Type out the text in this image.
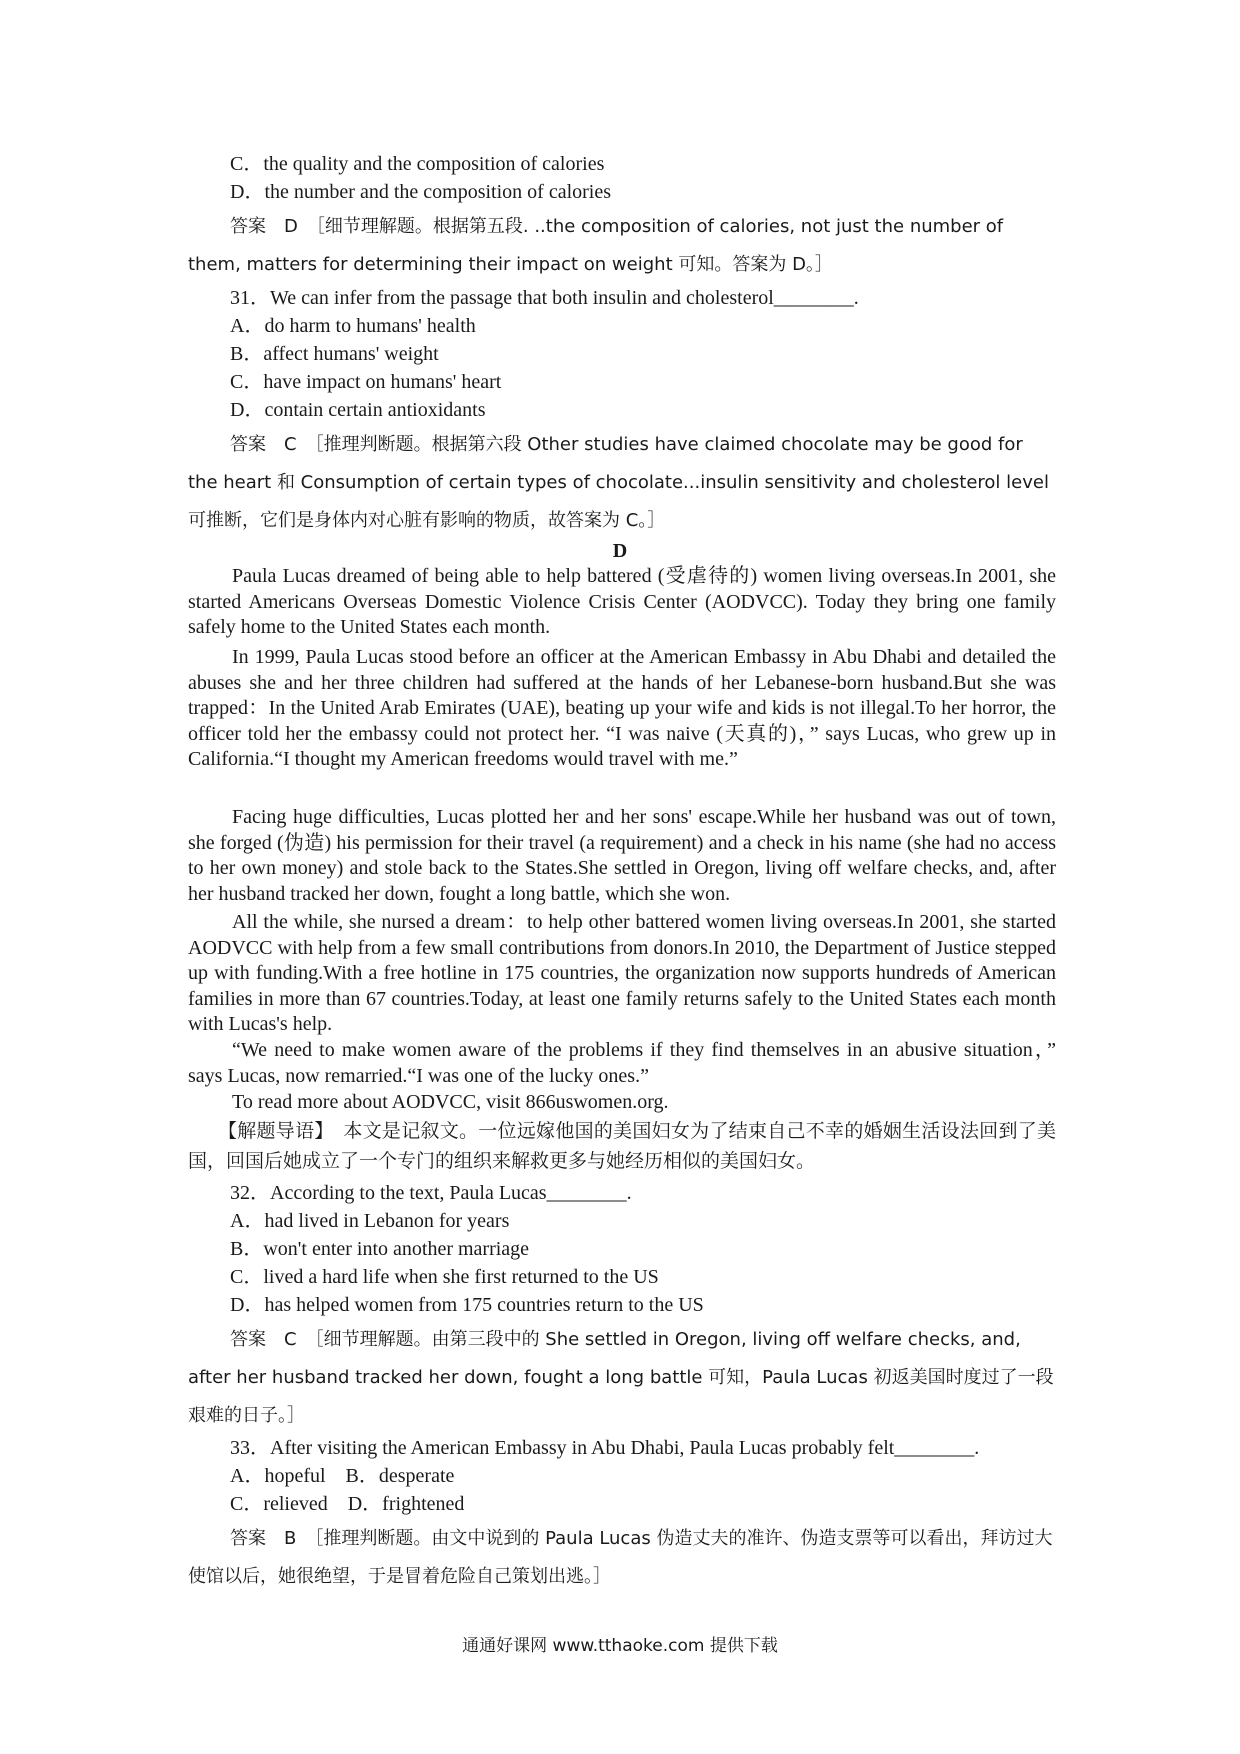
C．the quality and the composition of calories
D．the number and the composition of calories
答案　D　 ［细节理解题。根据第五段. ..the composition of calories, not just the number of them, matters for determining their impact on weight 可知。答案为 D。］
31．We can infer from the passage that both insulin and cholesterol________.
A．do harm to humans' health
B．affect humans' weight
C．have impact on humans' heart
D．contain certain antioxidants
答案　C　 ［推理判断题。根据第六段 Other studies have claimed chocolate may be good for the heart 和 Consumption of certain types of chocolate...insulin sensitivity and cholesterol level 可推断，它们是身体内对心脏有影响的物质，故答案为 C。］
D
Paula Lucas dreamed of being able to help battered (受虐待的) women living overseas.In 2001, she started Americans Overseas Domestic Violence Crisis Center (AODVCC). Today they bring one family safely home to the United States each month.
In 1999, Paula Lucas stood before an officer at the American Embassy in Abu Dhabi and detailed the abuses she and her three children had suffered at the hands of her Lebanese-born husband.But she was trapped：In the United Arab Emirates (UAE), beating up your wife and kids is not illegal.To her horror, the officer told her the embassy could not protect her. “I was naive (天真的)，” says Lucas, who grew up in California.“I thought my American freedoms would travel with me.”
Facing huge difficulties, Lucas plotted her and her sons' escape.While her husband was out of town, she forged (伪造) his permission for their travel (a requirement) and a check in his name (she had no access to her own money) and stole back to the States.She settled in Oregon, living off welfare checks, and, after her husband tracked her down, fought a long battle, which she won.
All the while, she nursed a dream：to help other battered women living overseas.In 2001, she started AODVCC with help from a few small contributions from donors.In 2010, the Department of Justice stepped up with funding.With a free hotline in 175 countries, the organization now supports hundreds of American families in more than 67 countries.Today, at least one family returns safely to the United States each month with Lucas's help.
“We need to make women aware of the problems if they find themselves in an abusive situation，” says Lucas, now remarried.“I was one of the lucky ones.”
To read more about AODVCC, visit 866uswomen.org.
【解题导语】　 本文是记叙文。一位远嫁他国的美国妇女为了结束自己不幸的婚姻生活设法回到了美国，回国后她成立了一个专门的组织来解救更多与她经历相似的美国妇女。
32．According to the text, Paula Lucas________.
A．had lived in Lebanon for years
B．won't enter into another marriage
C．lived a hard life when she first returned to the US
D．has helped women from 175 countries return to the US
答案　C　 ［细节理解题。由第三段中的 She settled in Oregon, living off welfare checks, and, after her husband tracked her down, fought a long battle 可知，Paula Lucas 初返美国时度过了一段艰难的日子。］
33．After visiting the American Embassy in Abu Dhabi, Paula Lucas probably felt________.
A．hopeful　B．desperate
C．relieved　D．frightened
答案　B　 ［推理判断题。由文中说到的 Paula Lucas 伪造丈夫的准许、伪造支票等可以看出，拜访过大使馆以后，她很绝望，于是冒着危险自己策划出逃。］
通通好课网 www.tthaoke.com 提供下载
